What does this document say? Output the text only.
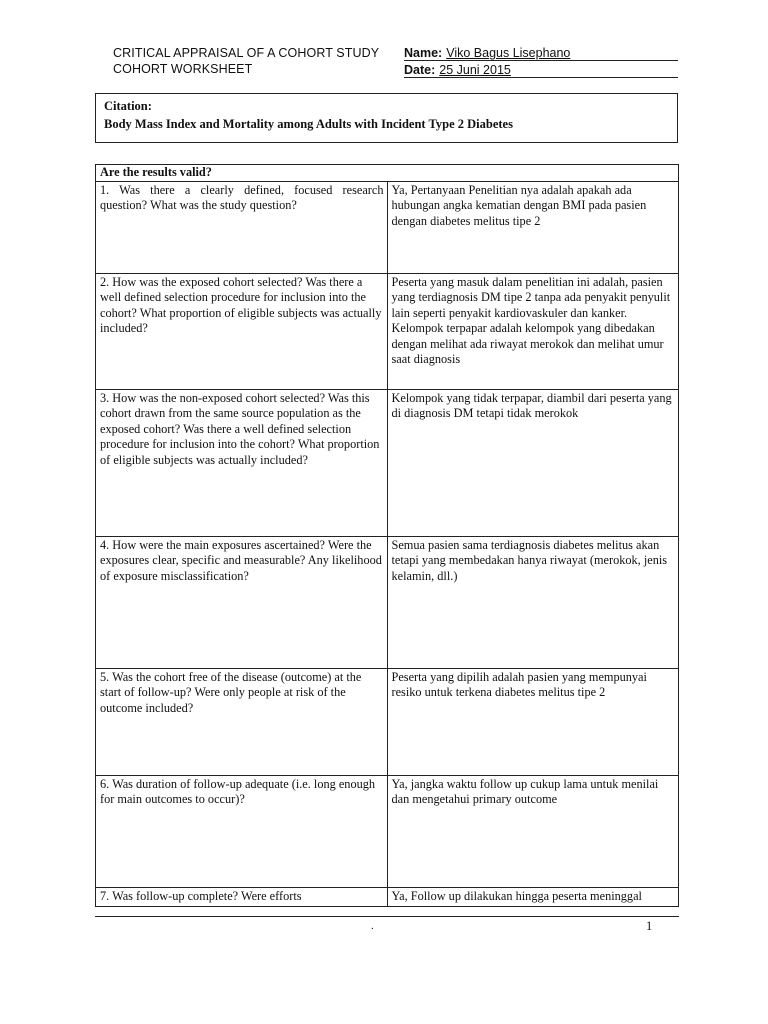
CRITICAL APPRAISAL OF A COHORT STUDY
COHORT WORKSHEET
Name: Viko Bagus Lisephano
Date: 25 Juni 2015
Citation:
Body Mass Index and Mortality among Adults with Incident Type 2 Diabetes
Are the results valid?	
1. Was there a clearly defined, focused research question? What was the study question?	Ya, Pertanyaan Penelitian nya adalah apakah ada hubungan angka kematian dengan BMI pada pasien dengan diabetes melitus tipe 2
2. How was the exposed cohort selected? Was there a well defined selection procedure for inclusion into the cohort? What proportion of eligible subjects was actually included?	Peserta yang masuk dalam penelitian ini adalah, pasien yang terdiagnosis DM tipe 2 tanpa ada penyakit penyulit lain seperti penyakit kardiovaskuler dan kanker. Kelompok terpapar adalah kelompok yang dibedakan dengan melihat ada riwayat merokok dan melihat umur saat diagnosis
3. How was the non-exposed cohort selected? Was this cohort drawn from the same source population as the exposed cohort? Was there a well defined selection procedure for inclusion into the cohort? What proportion of eligible subjects was actually included?	Kelompok yang tidak terpapar, diambil dari peserta yang di diagnosis DM tetapi tidak merokok
4. How were the main exposures ascertained? Were the exposures clear, specific and measurable? Any likelihood of exposure misclassification?	Semua pasien sama terdiagnosis diabetes melitus akan tetapi yang membedakan hanya riwayat (merokok, jenis kelamin, dll.)
5. Was the cohort free of the disease (outcome) at the start of follow-up? Were only people at risk of the outcome included?	Peserta yang dipilih adalah pasien yang mempunyai resiko untuk terkena diabetes melitus tipe 2
6. Was duration of follow-up adequate (i.e. long enough for main outcomes to occur)?	Ya, jangka waktu follow up cukup lama untuk menilai dan mengetahui primary outcome
7. Was follow-up complete? Were efforts	Ya, Follow up dilakukan hingga peserta meninggal
.	1
